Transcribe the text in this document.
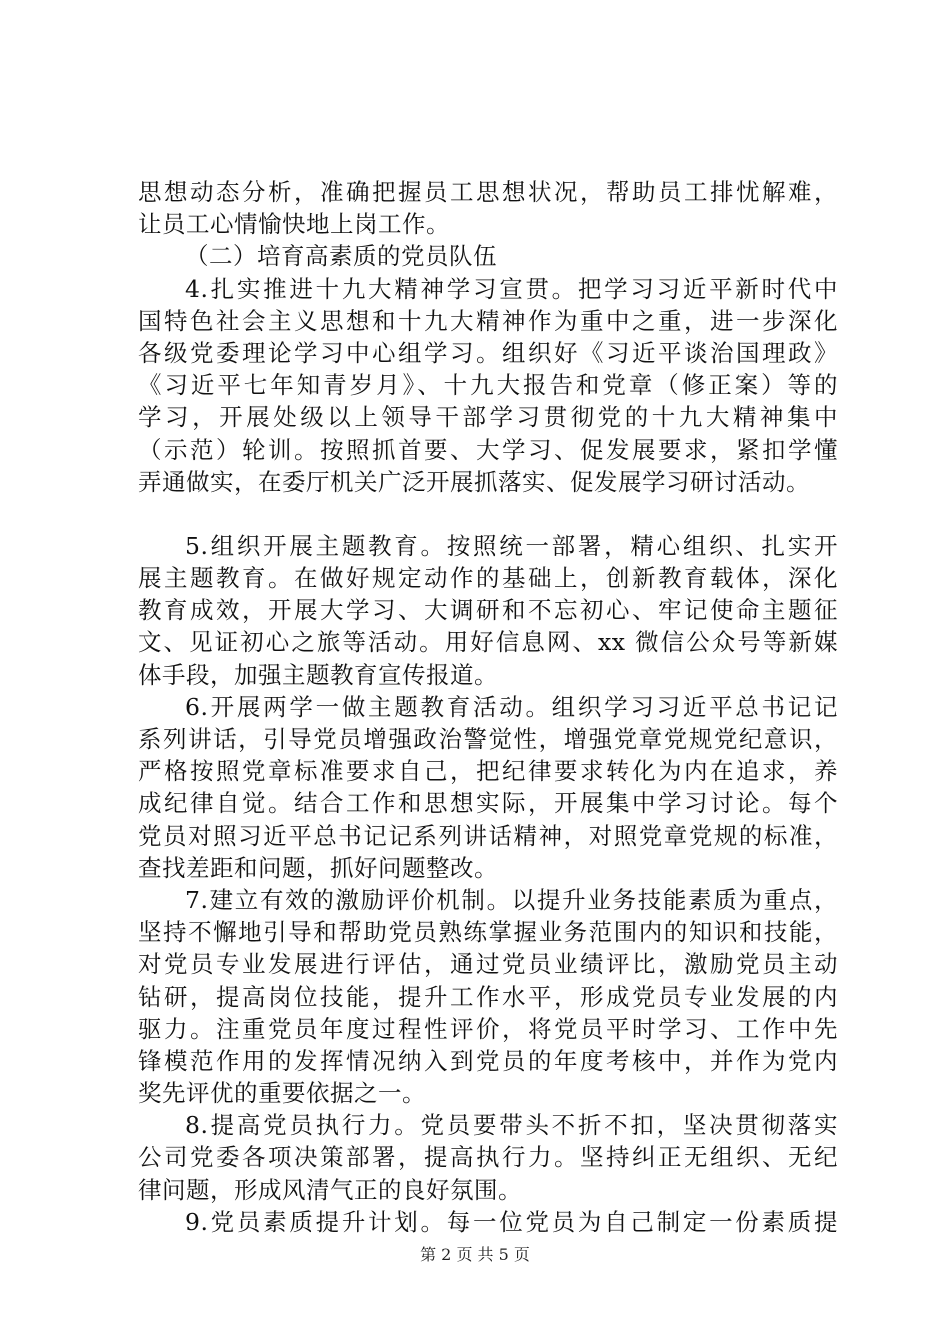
思想动态分析，准确把握员工思想状况，帮助员工排忧解难，
让员工心情愉快地上岗工作。
（二）培育高素质的党员队伍
4.扎实推进十九大精神学习宣贯。把学习习近平新时代中
国特色社会主义思想和十九大精神作为重中之重，进一步深化
各级党委理论学习中心组学习。组织好《习近平谈治国理政》
《习近平七年知青岁月》、十九大报告和党章（修正案）等的
学习，开展处级以上领导干部学习贯彻党的十九大精神集中
（示范）轮训。按照抓首要、大学习、促发展要求，紧扣学懂
弄通做实，在委厅机关广泛开展抓落实、促发展学习研讨活动。
5.组织开展主题教育。按照统一部署，精心组织、扎实开
展主题教育。在做好规定动作的基础上，创新教育载体，深化
教育成效，开展大学习、大调研和不忘初心、牢记使命主题征
文、见证初心之旅等活动。用好信息网、xx 微信公众号等新媒
体手段，加强主题教育宣传报道。
6.开展两学一做主题教育活动。组织学习习近平总书记记
系列讲话，引导党员增强政治警觉性，增强党章党规党纪意识，
严格按照党章标准要求自己，把纪律要求转化为内在追求，养
成纪律自觉。结合工作和思想实际，开展集中学习讨论。每个
党员对照习近平总书记记系列讲话精神，对照党章党规的标准，
查找差距和问题，抓好问题整改。
7.建立有效的激励评价机制。以提升业务技能素质为重点，
坚持不懈地引导和帮助党员熟练掌握业务范围内的知识和技能，
对党员专业发展进行评估，通过党员业绩评比，激励党员主动
钻研，提高岗位技能，提升工作水平，形成党员专业发展的内
驱力。注重党员年度过程性评价，将党员平时学习、工作中先
锋模范作用的发挥情况纳入到党员的年度考核中，并作为党内
奖先评优的重要依据之一。
8.提高党员执行力。党员要带头不折不扣，坚决贯彻落实
公司党委各项决策部署，提高执行力。坚持纠正无组织、无纪
律问题，形成风清气正的良好氛围。
9.党员素质提升计划。每一位党员为自己制定一份素质提
第 2 页 共 5 页
